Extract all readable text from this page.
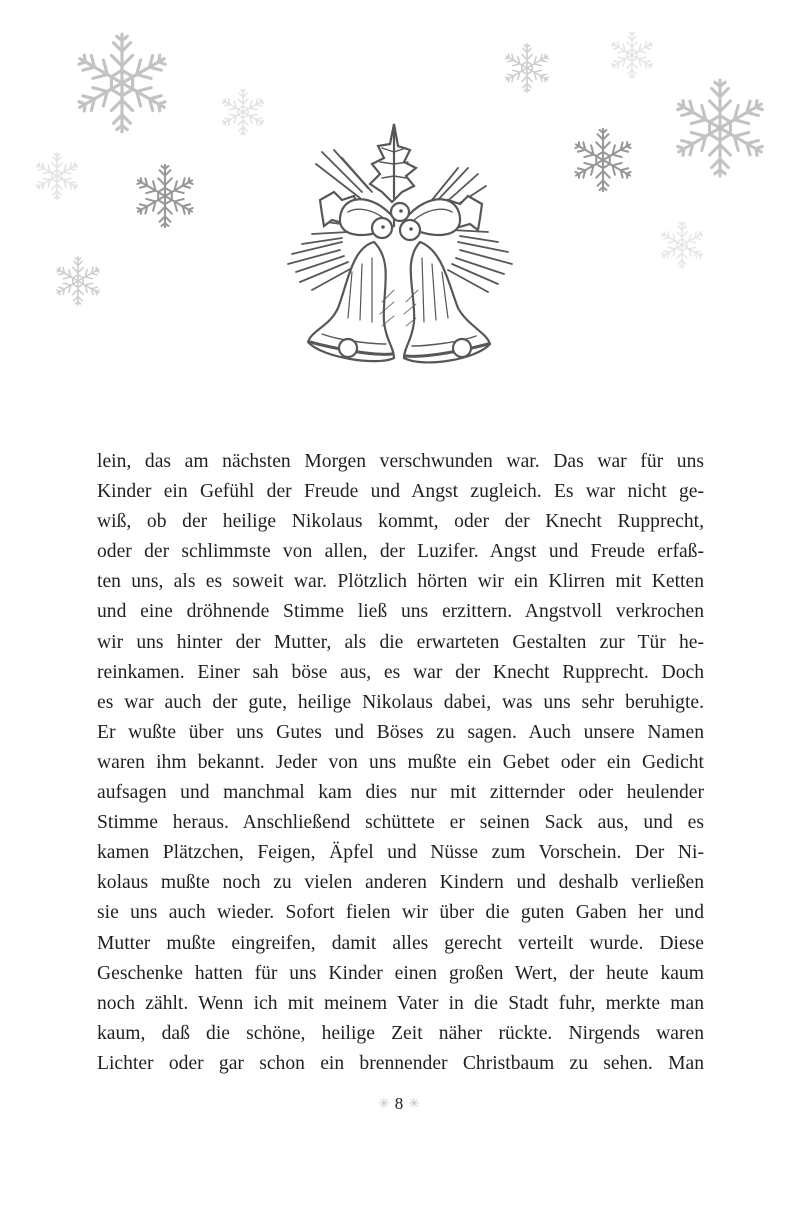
lein, das am nächsten Morgen verschwunden war. Das war für uns
Kinder ein Gefühl der Freude und Angst zugleich. Es war nicht ge-
wiß, ob der heilige Nikolaus kommt, oder der Knecht Rupprecht,
oder der schlimmste von allen, der Luzifer. Angst und Freude erfaß-
ten uns, als es soweit war. Plötzlich hörten wir ein Klirren mit Ketten
und eine dröhnende Stimme ließ uns erzittern. Angstvoll verkrochen
wir uns hinter der Mutter, als die erwarteten Gestalten zur Tür he-
reinkamen. Einer sah böse aus, es war der Knecht Rupprecht. Doch
es war auch der gute, heilige Nikolaus dabei, was uns sehr beruhigte.
Er wußte über uns Gutes und Böses zu sagen. Auch unsere Namen
waren ihm bekannt. Jeder von uns mußte ein Gebet oder ein Gedicht
aufsagen und manchmal kam dies nur mit zitternder oder heulender
Stimme heraus. Anschließend schüttete er seinen Sack aus, und es
kamen Plätzchen, Feigen, Äpfel und Nüsse zum Vorschein. Der Ni-
kolaus mußte noch zu vielen anderen Kindern und deshalb verließen
sie uns auch wieder. Sofort fielen wir über die guten Gaben her und
Mutter mußte eingreifen, damit alles gerecht verteilt wurde. Diese
Geschenke hatten für uns Kinder einen großen Wert, der heute kaum
noch zählt. Wenn ich mit meinem Vater in die Stadt fuhr, merkte man
kaum, daß die schöne, heilige Zeit näher rückte. Nirgends waren
Lichter oder gar schon ein brennender Christbaum zu sehen. Man
✳ 8 ✳
